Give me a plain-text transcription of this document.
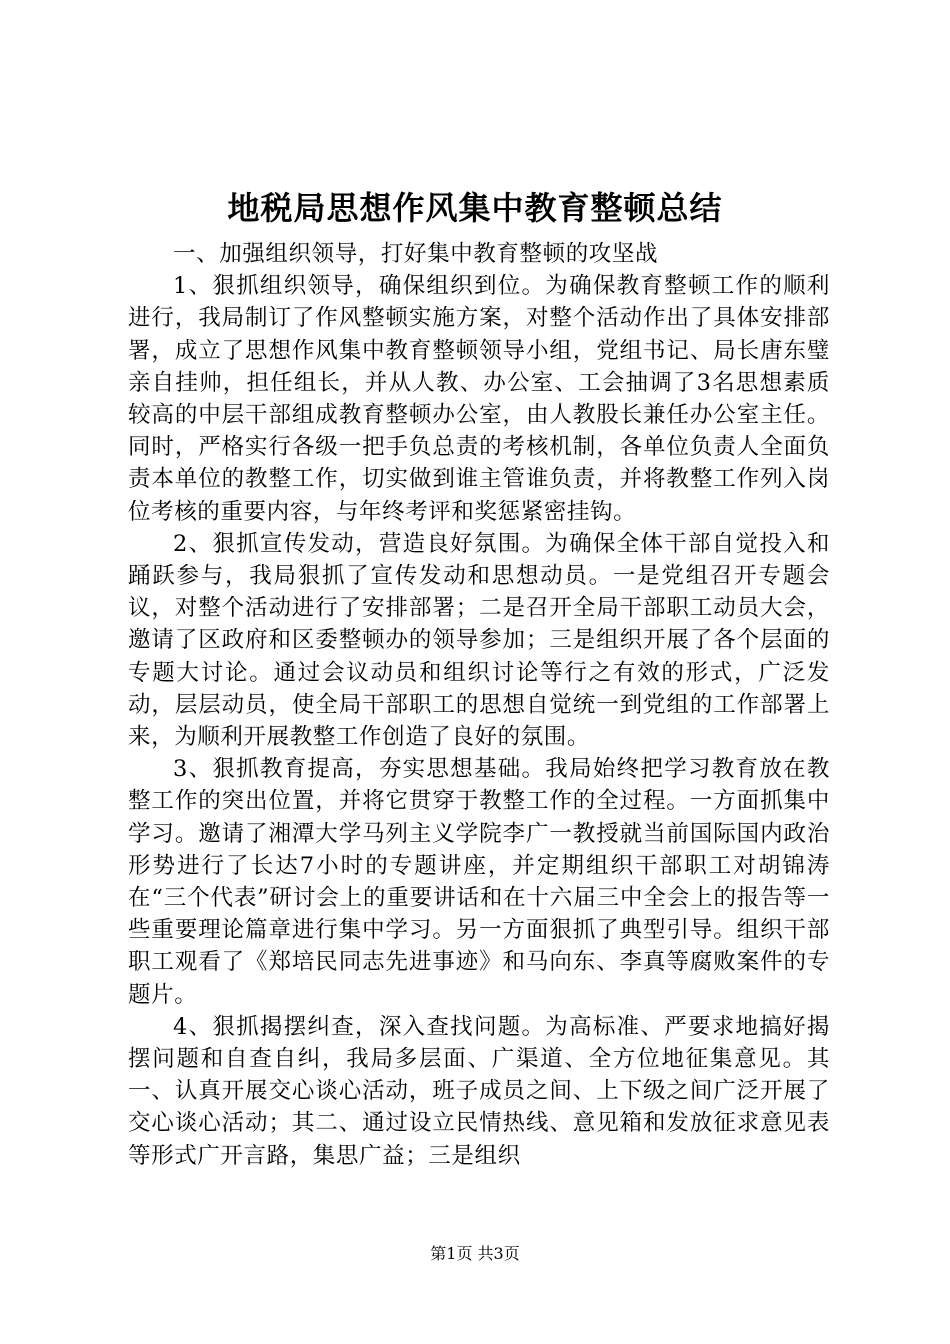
地税局思想作风集中教育整顿总结

一、加强组织领导，打好集中教育整顿的攻坚战

1、狠抓组织领导，确保组织到位。为确保教育整顿工作的顺利进行，我局制订了作风整顿实施方案，对整个活动作出了具体安排部署，成立了思想作风集中教育整顿领导小组，党组书记、局长唐东璧亲自挂帅，担任组长，并从人教、办公室、工会抽调了3名思想素质较高的中层干部组成教育整顿办公室，由人教股长兼任办公室主任。同时，严格实行各级一把手负总责的考核机制，各单位负责人全面负责本单位的教整工作，切实做到谁主管谁负责，并将教整工作列入岗位考核的重要内容，与年终考评和奖惩紧密挂钩。

2、狠抓宣传发动，营造良好氛围。为确保全体干部自觉投入和踊跃参与，我局狠抓了宣传发动和思想动员。一是党组召开专题会议，对整个活动进行了安排部署；二是召开全局干部职工动员大会，邀请了区政府和区委整顿办的领导参加；三是组织开展了各个层面的专题大讨论。通过会议动员和组织讨论等行之有效的形式，广泛发动，层层动员，使全局干部职工的思想自觉统一到党组的工作部署上来，为顺利开展教整工作创造了良好的氛围。

3、狠抓教育提高，夯实思想基础。我局始终把学习教育放在教整工作的突出位置，并将它贯穿于教整工作的全过程。一方面抓集中学习。邀请了湘潭大学马列主义学院李广一教授就当前国际国内政治形势进行了长达7小时的专题讲座，并定期组织干部职工对胡锦涛在“三个代表”研讨会上的重要讲话和在十六届三中全会上的报告等一些重要理论篇章进行集中学习。另一方面狠抓了典型引导。组织干部职工观看了《郑培民同志先进事迹》和马向东、李真等腐败案件的专题片。

4、狠抓揭摆纠查，深入查找问题。为高标准、严要求地搞好揭摆问题和自查自纠，我局多层面、广渠道、全方位地征集意见。其一、认真开展交心谈心活动，班子成员之间、上下级之间广泛开展了交心谈心活动；其二、通过设立民情热线、意见箱和发放征求意见表等形式广开言路，集思广益；三是组织

第1页 共3页
